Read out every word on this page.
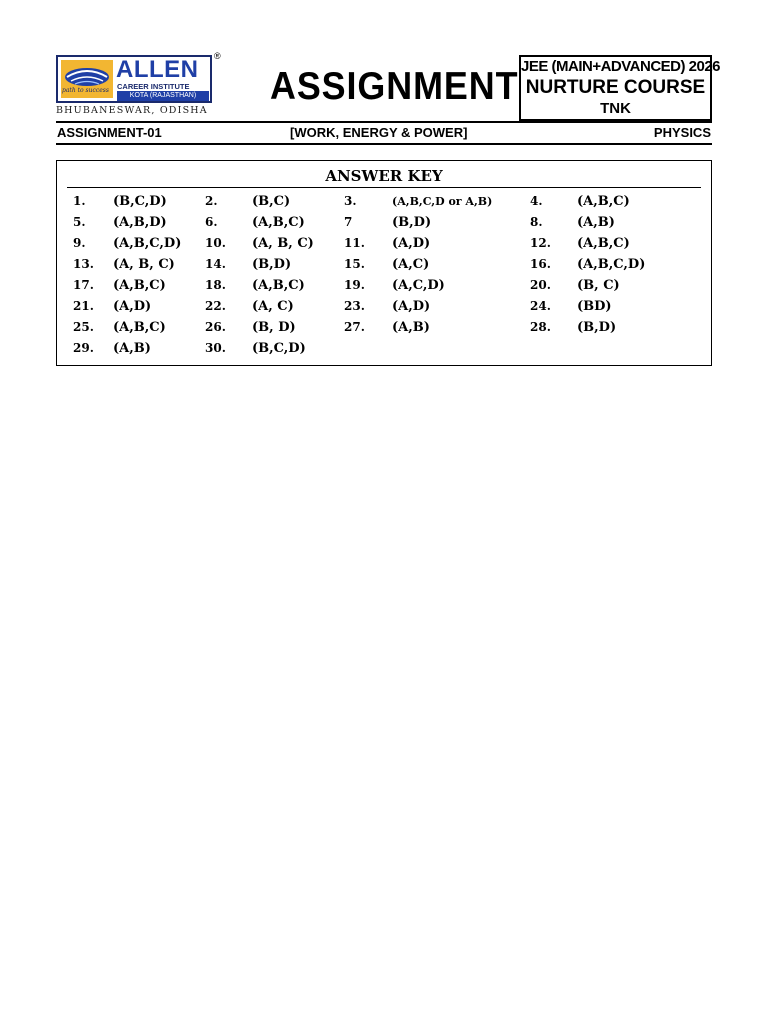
path to success
ALLEN
CAREER INSTITUTE
KOTA (RAJASTHAN)
®
BHUBANESWAR, ODISHA
ASSIGNMENT JEE (MAIN+ADVANCED) 2026
NURTURE COURSE
TNK
ASSIGNMENT-01	[WORK, ENERGY & POWER]	PHYSICS
ANSWER KEY
1. (B,C,D)	2.	(B,C)	3.	(A,B,C,D or A,B)	4.	(A,B,C)
5. (A,B,D)	6.	(A,B,C)	7	(B,D)	8.	(A,B)
9. (A,B,C,D) 10. (A, B, C)	11. (A,D)	12. (A,B,C)
13. (A, B, C)	14. (B,D)	15. (A,C)	16. (A,B,C,D)
17. (A,B,C)	18. (A,B,C)	19. (A,C,D)	20. (B, C)
21. (A,D)	22. (A, C)	23. (A,D)	24. (BD)
25. (A,B,C)	26. (B, D)	27. (A,B)	28. (B,D)
29. (A,B)	30. (B,C,D)
